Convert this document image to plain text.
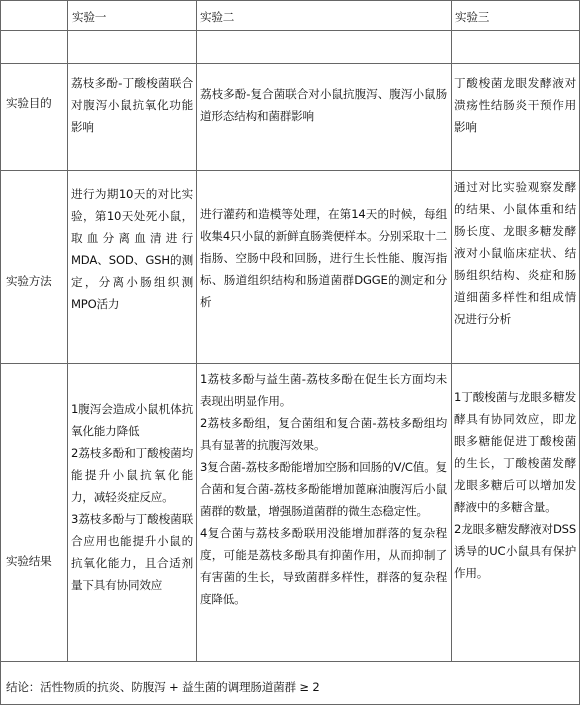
实验一	实验二	实验三
实验目的
荔枝多酚-丁酸梭菌联合对腹泻小鼠抗氧化功能影响
荔枝多酚-复合菌联合对小鼠抗腹泻、腹泻小鼠肠道形态结构和菌群影响
丁酸梭菌龙眼发酵液对溃疡性结肠炎干预作用影响
实验方法
进行为期10天的对比实验，第10天处死小鼠，取血分离血清进行MDA、SOD、GSH的测定，分离小肠组织测MPO活力
进行灌药和造模等处理，在第14天的时候，每组收集4只小鼠的新鲜直肠粪便样本。分别采取十二指肠、空肠中段和回肠，进行生长性能、腹泻指标、肠道组织结构和肠道菌群DGGE的测定和分析
通过对比实验观察发酵的结果、小鼠体重和结肠长度、龙眼多糖发酵液对小鼠临床症状、结肠组织结构、炎症和肠道细菌多样性和组成情况进行分析
实验结果
1腹泻会造成小鼠机体抗氧化能力降低
2荔枝多酚和丁酸梭菌均能提升小鼠抗氧化能力，减轻炎症反应。
3荔枝多酚与丁酸梭菌联合应用也能提升小鼠的抗氧化能力，且合适剂量下具有协同效应
1荔枝多酚与益生菌-荔枝多酚在促生长方面均未表现出明显作用。
2荔枝多酚组，复合菌组和复合菌-荔枝多酚组均具有显著的抗腹泻效果。
3复合菌-荔枝多酚能增加空肠和回肠的V/C值。复合菌和复合菌-荔枝多酚能增加蓖麻油腹泻后小鼠菌群的数量，增强肠道菌群的微生态稳定性。
4复合菌与荔枝多酚联用没能增加群落的复杂程度，可能是荔枝多酚具有抑菌作用，从而抑制了有害菌的生长，导致菌群多样性，群落的复杂程度降低。
1丁酸梭菌与龙眼多糖发酵具有协同效应，即龙眼多糖能促进丁酸梭菌的生长，丁酸梭菌发酵龙眼多糖后可以增加发酵液中的多糖含量。
2龙眼多糖发酵液对DSS诱导的UC小鼠具有保护作用。
结论：活性物质的抗炎、防腹泻 + 益生菌的调理肠道菌群 ≥ 2
